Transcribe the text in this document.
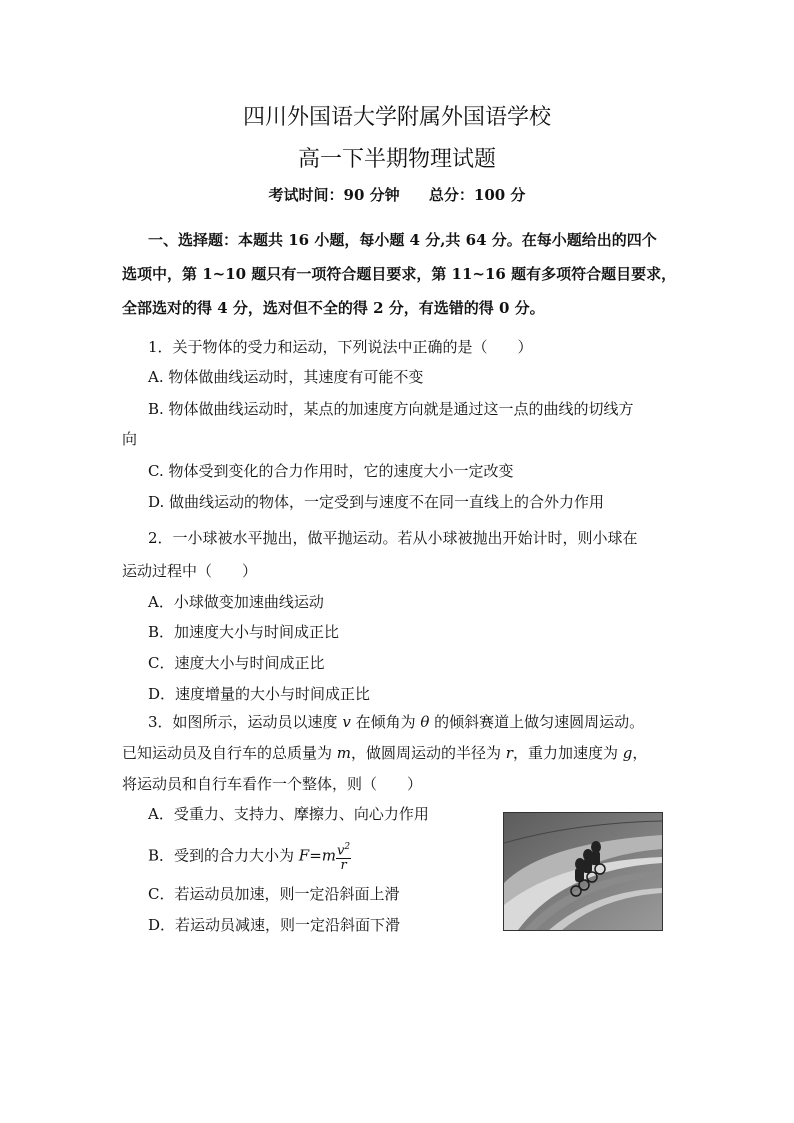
四川外国语大学附属外国语学校
高一下半期物理试题
考试时间：90 分钟 总分：100 分
一、选择题：本题共 16 小题，每小题 4 分,共 64 分。在每小题给出的四个
选项中，第 1~10 题只有一项符合题目要求，第 11~16 题有多项符合题目要求，
全部选对的得 4 分，选对但不全的得 2 分，有选错的得 0 分。
1．关于物体的受力和运动，下列说法中正确的是（　　）
A. 物体做曲线运动时，其速度有可能不变
B. 物体做曲线运动时，某点的加速度方向就是通过这一点的曲线的切线方
向
C. 物体受到变化的合力作用时，它的速度大小一定改变
D. 做曲线运动的物体，一定受到与速度不在同一直线上的合外力作用
2．一小球被水平抛出，做平抛运动。若从小球被抛出开始计时，则小球在
运动过程中（　　）
A．小球做变加速曲线运动
B．加速度大小与时间成正比
C．速度大小与时间成正比
D．速度增量的大小与时间成正比
3．如图所示，运动员以速度 v 在倾角为 θ 的倾斜赛道上做匀速圆周运动。
已知运动员及自行车的总质量为 m，做圆周运动的半径为 r，重力加速度为 g，
将运动员和自行车看作一个整体，则（　　）
A．受重力、支持力、摩擦力、向心力作用
B．受到的合力大小为 $F=m \frac{v^2}{r}$
C．若运动员加速，则一定沿斜面上滑
D．若运动员减速，则一定沿斜面下滑
